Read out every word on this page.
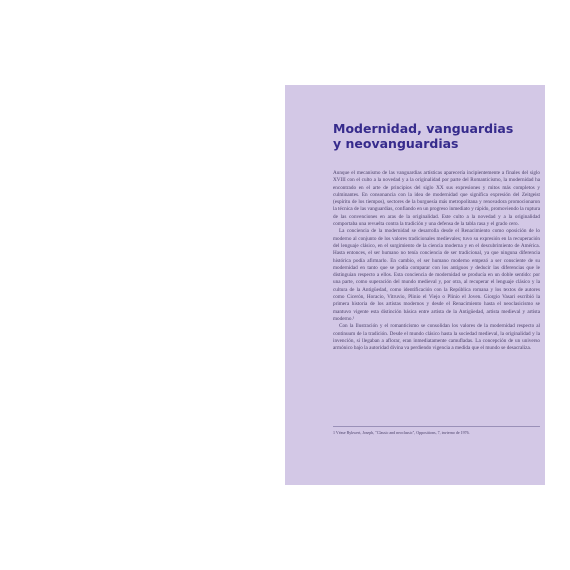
Modernidad, vanguardias
y neovanguardias

Aunque el mecanismo de las vanguardias artísticas aparecería incipientemente a finales del siglo XVIII con el culto a la novedad y a la originalidad por parte del Romanticismo, la modernidad ha encontrado en el arte de principios del siglo XX sus expresiones y mitos más completos y culminantes. En consonancia con la idea de modernidad que significa expresión del Zeitgeist (espíritu de los tiempos), sectores de la burguesía más metropolitana y renovadora promocionaron la técnica de las vanguardias, confiando en un progreso inmediato y rápido, promoviendo la ruptura de las convenciones en aras de la originalidad. Este culto a la novedad y a la originalidad comportaba una revuelta contra la tradición y una defensa de la tabla rasa y el grado cero.

La conciencia de la modernidad se desarrolla desde el Renacimiento como oposición de lo moderno al conjunto de los valores tradicionales medievales; tuvo su expresión en la recuperación del lenguaje clásico, en el surgimiento de la ciencia moderna y en el descubrimiento de América. Hasta entonces, el ser humano no tenía conciencia de ser tradicional, ya que ninguna diferencia histórica podía afirmarlo. En cambio, el ser humano moderno empezó a ser consciente de su modernidad en tanto que se podía comparar con los antiguos y deducir las diferencias que le distinguían respecto a ellos. Esta conciencia de modernidad se producía en un doble sentido: por una parte, como superación del mundo medieval y, por otra, al recuperar el lenguaje clásico y la cultura de la Antigüedad, como identificación con la República romana y los textos de autores como Cicerón, Horacio, Vitruvio, Plinio el Viejo o Plinio el Joven. Giorgio Vasari escribió la primera historia de los artistas modernos y desde el Renacimiento hasta el neoclasicismo se mantuvo vigente esta distinción básica entre artista de la Antigüedad, artista medieval y artista moderno.¹

Con la Ilustración y el romanticismo se consolidan los valores de la modernidad respecto al continuum de la tradición. Desde el mundo clásico hasta la sociedad medieval, la originalidad y la invención, si llegaban a aflorar, eran inmediatamente camufladas. La concepción de un universo armónico bajo la autoridad divina va perdiendo vigencia a medida que el mundo se desacraliza.

1 Véase Rykwert, Joseph, "Classic and neoclassic", Oppositions, 7, invierno de 1976.
